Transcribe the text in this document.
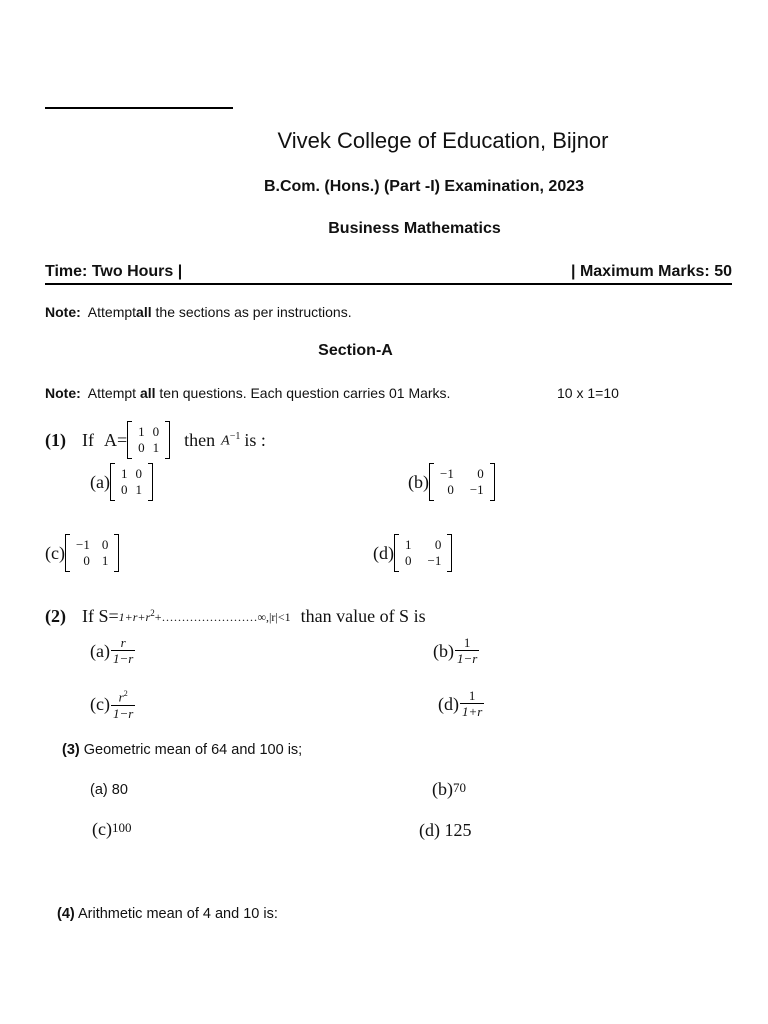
Vivek College of Education, Bijnor
B.Com. (Hons.) (Part -I) Examination, 2023
Business Mathematics
Time: Two Hours |	| Maximum Marks: 50
Note: Attemptall the sections as per instructions.
Section-A
Note: Attempt all ten questions. Each question carries 01 Marks.	10 x 1=10
(1) If A= 1	0
0	1 then $A^{-1}$ is :
(a) 1	0
0	1	(b) −1	0
0	−1
(c) −1	0
0	1	(d) 1	0
0	−1
(2) If $S= 1+r+r^2+\dots\dots\dots\dots\dots\dots\dots\dots\infty,|r|<1$ than value of S is
$(a) \frac{r}{1-r}$	$(b) \frac{1}{1-r}$
$(c) \frac{r^2}{1-r}$	$(d) \frac{1}{1+r}$
(3) Geometric mean of 64 and 100 is;
(a) 80	(b)70
(c)100	(d) 125
(4) Arithmetic mean of 4 and 10 is:
